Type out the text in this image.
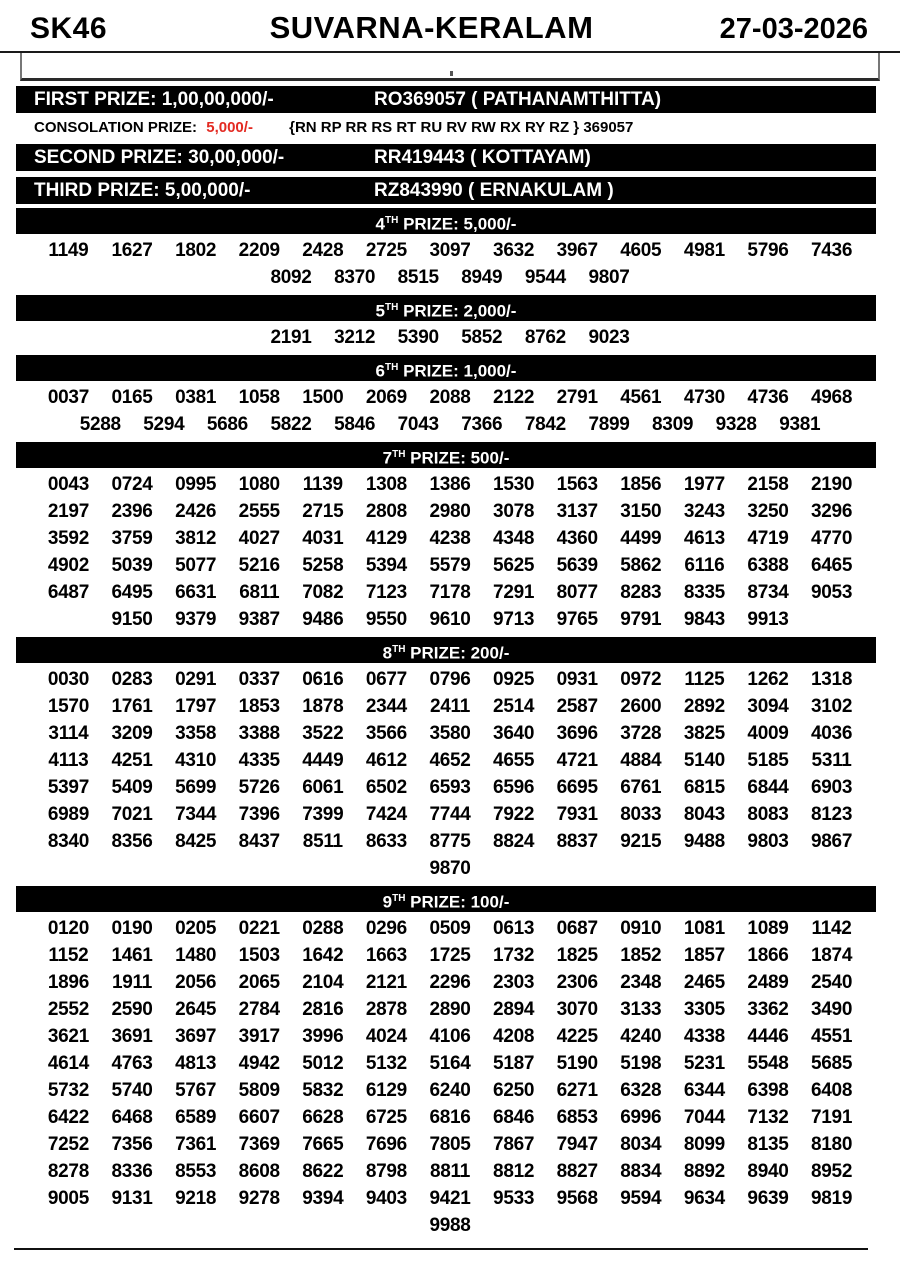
SK46	SUVARNA-KERALAM	27-03-2026
FIRST PRIZE: 1,00,00,000/-	RO369057 ( PATHANAMTHITTA)
CONSOLATION PRIZE: 5,000/- {RN RP RR RS RT RU RV RW RX RY RZ } 369057
SECOND PRIZE: 30,00,000/-	RR419443 ( KOTTAYAM)
THIRD PRIZE: 5,00,000/-	RZ843990 ( ERNAKULAM )
4TH PRIZE: 5,000/-
1149	1627	1802	2209	2428	2725	3097	3632	3967	4605	4981	5796	7436
8092	8370	8515	8949	9544	9807
5TH PRIZE: 2,000/-
2191	3212	5390	5852	8762	9023
6TH PRIZE: 1,000/-
0037	0165	0381	1058	1500	2069	2088	2122	2791	4561	4730	4736	4968
5288	5294	5686	5822	5846	7043	7366	7842	7899	8309	9328	9381
7TH PRIZE: 500/-
0043	0724	0995	1080	1139	1308	1386	1530	1563	1856	1977	2158	2190
2197	2396	2426	2555	2715	2808	2980	3078	3137	3150	3243	3250	3296
3592	3759	3812	4027	4031	4129	4238	4348	4360	4499	4613	4719	4770
4902	5039	5077	5216	5258	5394	5579	5625	5639	5862	6116	6388	6465
6487	6495	6631	6811	7082	7123	7178	7291	8077	8283	8335	8734	9053
9150	9379	9387	9486	9550	9610	9713	9765	9791	9843	9913
8TH PRIZE: 200/-
0030	0283	0291	0337	0616	0677	0796	0925	0931	0972	1125	1262	1318
1570	1761	1797	1853	1878	2344	2411	2514	2587	2600	2892	3094	3102
3114	3209	3358	3388	3522	3566	3580	3640	3696	3728	3825	4009	4036
4113	4251	4310	4335	4449	4612	4652	4655	4721	4884	5140	5185	5311
5397	5409	5699	5726	6061	6502	6593	6596	6695	6761	6815	6844	6903
6989	7021	7344	7396	7399	7424	7744	7922	7931	8033	8043	8083	8123
8340	8356	8425	8437	8511	8633	8775	8824	8837	9215	9488	9803	9867
9870
9TH PRIZE: 100/-
0120	0190	0205	0221	0288	0296	0509	0613	0687	0910	1081	1089	1142
1152	1461	1480	1503	1642	1663	1725	1732	1825	1852	1857	1866	1874
1896	1911	2056	2065	2104	2121	2296	2303	2306	2348	2465	2489	2540
2552	2590	2645	2784	2816	2878	2890	2894	3070	3133	3305	3362	3490
3621	3691	3697	3917	3996	4024	4106	4208	4225	4240	4338	4446	4551
4614	4763	4813	4942	5012	5132	5164	5187	5190	5198	5231	5548	5685
5732	5740	5767	5809	5832	6129	6240	6250	6271	6328	6344	6398	6408
6422	6468	6589	6607	6628	6725	6816	6846	6853	6996	7044	7132	7191
7252	7356	7361	7369	7665	7696	7805	7867	7947	8034	8099	8135	8180
8278	8336	8553	8608	8622	8798	8811	8812	8827	8834	8892	8940	8952
9005	9131	9218	9278	9394	9403	9421	9533	9568	9594	9634	9639	9819
9988
